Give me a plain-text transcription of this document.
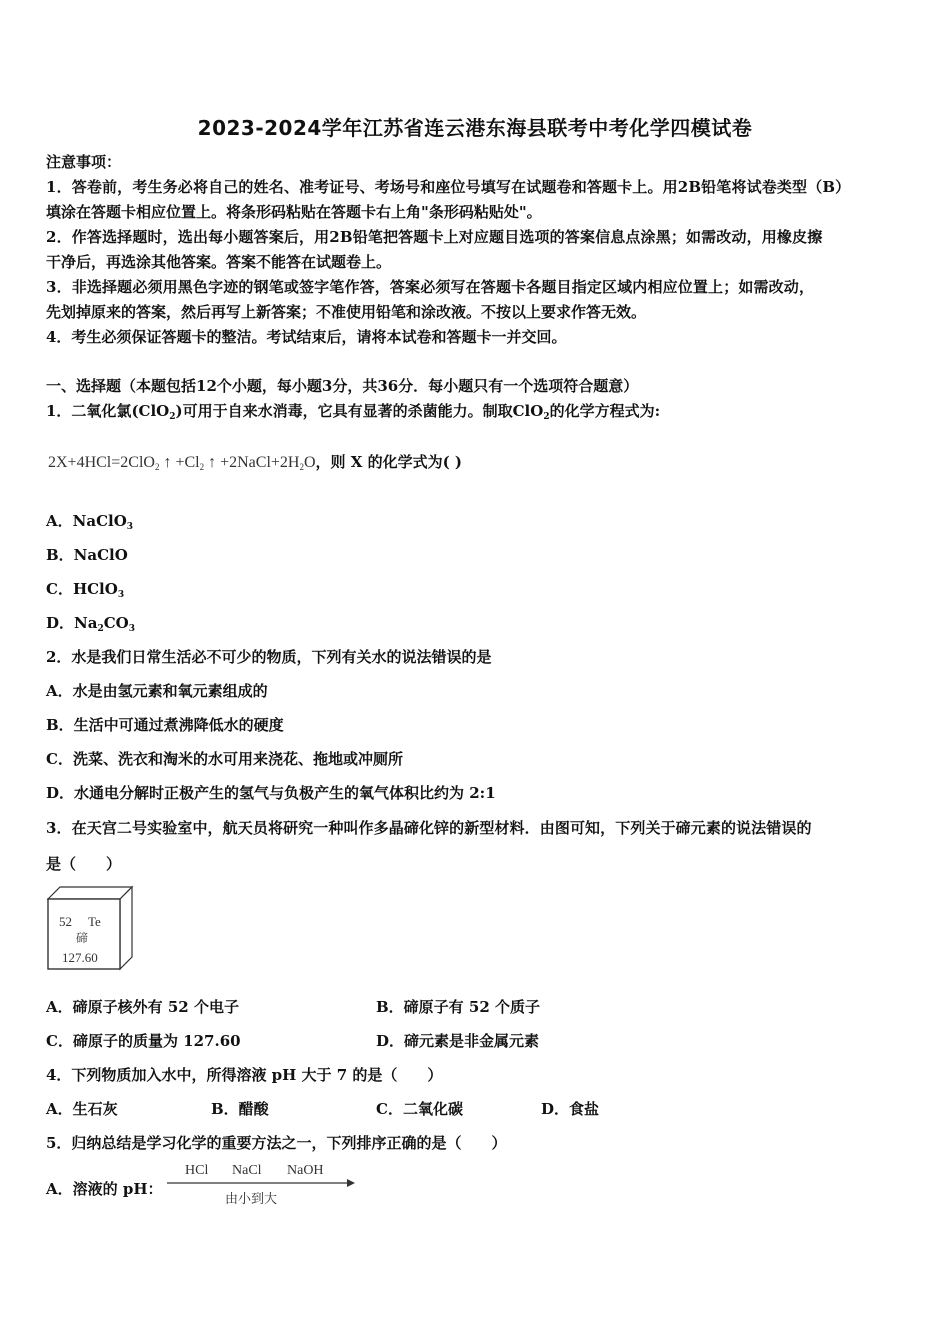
2023-2024学年江苏省连云港东海县联考中考化学四模试卷
注意事项：
1．答卷前，考生务必将自己的姓名、准考证号、考场号和座位号填写在试题卷和答题卡上。用2B铅笔将试卷类型（B）
填涂在答题卡相应位置上。将条形码粘贴在答题卡右上角"条形码粘贴处"。
2．作答选择题时，选出每小题答案后，用2B铅笔把答题卡上对应题目选项的答案信息点涂黑；如需改动，用橡皮擦
干净后，再选涂其他答案。答案不能答在试题卷上。
3．非选择题必须用黑色字迹的钢笔或签字笔作答，答案必须写在答题卡各题目指定区域内相应位置上；如需改动，
先划掉原来的答案，然后再写上新答案；不准使用铅笔和涂改液。不按以上要求作答无效。
4．考生必须保证答题卡的整洁。考试结束后，请将本试卷和答题卡一并交回。
一、选择题（本题包括12个小题，每小题3分，共36分．每小题只有一个选项符合题意）
1．二氧化氯(ClO$_2$)可用于自来水消毒，它具有显著的杀菌能力。制取ClO$_2$的化学方程式为:
2X+4HCl=2ClO$_2$ ↑ $+Cl_2$ ↑ $+2NaCl+2H_2O$，则 X 的化学式为( )
A．NaClO$_3$
B．NaClO
C．HClO$_3$
D．$Na_2CO_3$
2．水是我们日常生活必不可少的物质，下列有关水的说法错误的是
A．水是由氢元素和氧元素组成的
B．生活中可通过煮沸降低水的硬度
C．洗菜、洗衣和淘米的水可用来浇花、拖地或冲厕所
D．水通电分解时正极产生的氢气与负极产生的氧气体积比约为 2:1
3．在天宫二号实验室中，航天员将研究一种叫作多晶碲化锌的新型材料．由图可知，下列关于碲元素的说法错误的
是（　　）
52 Te
碲
127.60
A．碲原子核外有 52 个电子	B．碲原子有 52 个质子
C．碲原子的质量为 127.60	D．碲元素是非金属元素
4．下列物质加入水中，所得溶液 pH 大于 7 的是（　　）
A．生石灰	B．醋酸	C．二氧化碳	D．食盐
5．归纳总结是学习化学的重要方法之一，下列排序正确的是（　　）
A．溶液的 pH：
HCl NaCl NaOH
由小到大
